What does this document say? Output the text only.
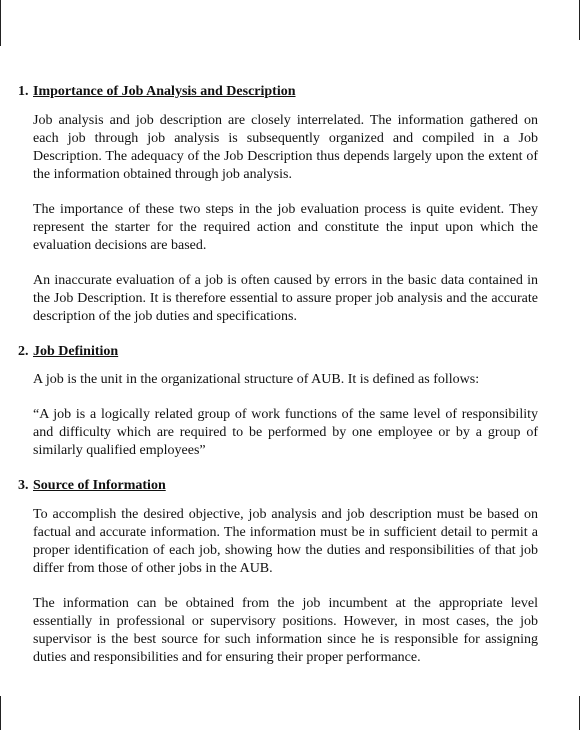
1. Importance of Job Analysis and Description

Job analysis and job description are closely interrelated. The information gathered on each job through job analysis is subsequently organized and compiled in a Job Description. The adequacy of the Job Description thus depends largely upon the extent of the information obtained through job analysis.

The importance of these two steps in the job evaluation process is quite evident. They represent the starter for the required action and constitute the input upon which the evaluation decisions are based.

An inaccurate evaluation of a job is often caused by errors in the basic data contained in the Job Description. It is therefore essential to assure proper job analysis and the accurate description of the job duties and specifications.

2. Job Definition

A job is the unit in the organizational structure of AUB. It is defined as follows:

“A job is a logically related group of work functions of the same level of responsibility and difficulty which are required to be performed by one employee or by a group of similarly qualified employees”

3. Source of Information

To accomplish the desired objective, job analysis and job description must be based on factual and accurate information. The information must be in sufficient detail to permit a proper identification of each job, showing how the duties and responsibilities of that job differ from those of other jobs in the AUB.

The information can be obtained from the job incumbent at the appropriate level essentially in professional or supervisory positions. However, in most cases, the job supervisor is the best source for such information since he is responsible for assigning duties and responsibilities and for ensuring their proper performance.
